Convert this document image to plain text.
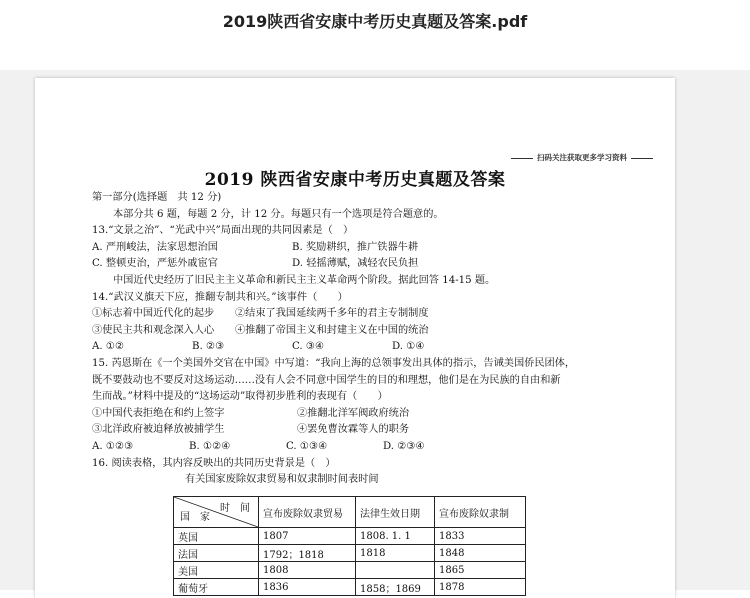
2019陕西省安康中考历史真题及答案.pdf
扫码关注获取更多学习资料
2019 陕西省安康中考历史真题及答案
第一部分(选择题　共 12 分)
本部分共 6 题，每题 2 分，计 12 分。每题只有一个选项是符合题意的。
13.“文景之治”、“光武中兴”局面出现的共同因素是（　）
A. 严刑峻法，法家思想治国	B. 奖励耕织，推广铁器牛耕
C. 整顿吏治，严惩外戚宦官	D. 轻摇薄赋，减轻农民负担
中国近代史经历了旧民主主义革命和新民主主义革命两个阶段。据此回答 14-15 题。
14.“武汉义旗天下应，推翻专制共和兴。”该事件（　　）
①标志着中国近代化的起步	②结束了我国延续两千多年的君主专制制度
③使民主共和观念深入人心	④推翻了帝国主义和封建主义在中国的统治
A. ①②	B. ②③	C. ③④	D. ①④
15. 芮恩斯在《一个美国外交官在中国》中写道：“我向上海的总领事发出具体的指示，告诫美国侨民团体，
既不要鼓动也不要反对这场运动……没有人会不同意中国学生的目的和理想，他们是在为民族的自由和新
生而战。”材料中提及的“这场运动”取得初步胜利的表现有（　　）
①中国代表拒绝在和约上签字	②推翻北洋军阀政府统治
③北洋政府被迫释放被捕学生	④罢免曹汝霖等人的职务
A. ①②③	B. ①②④	C. ①③④	D. ②③④
16. 阅读表格，其内容反映出的共同历史背景是（　）
有关国家废除奴隶贸易和奴隶制时间表时间
时　间
国　家	宣布废除奴隶贸易	法律生效日期	宣布废除奴隶制
英国	1807	1808. 1. 1	1833
法国	1792；1818	1818	1848
美国	1808		1865
葡萄牙	1836	1858；1869	1878
